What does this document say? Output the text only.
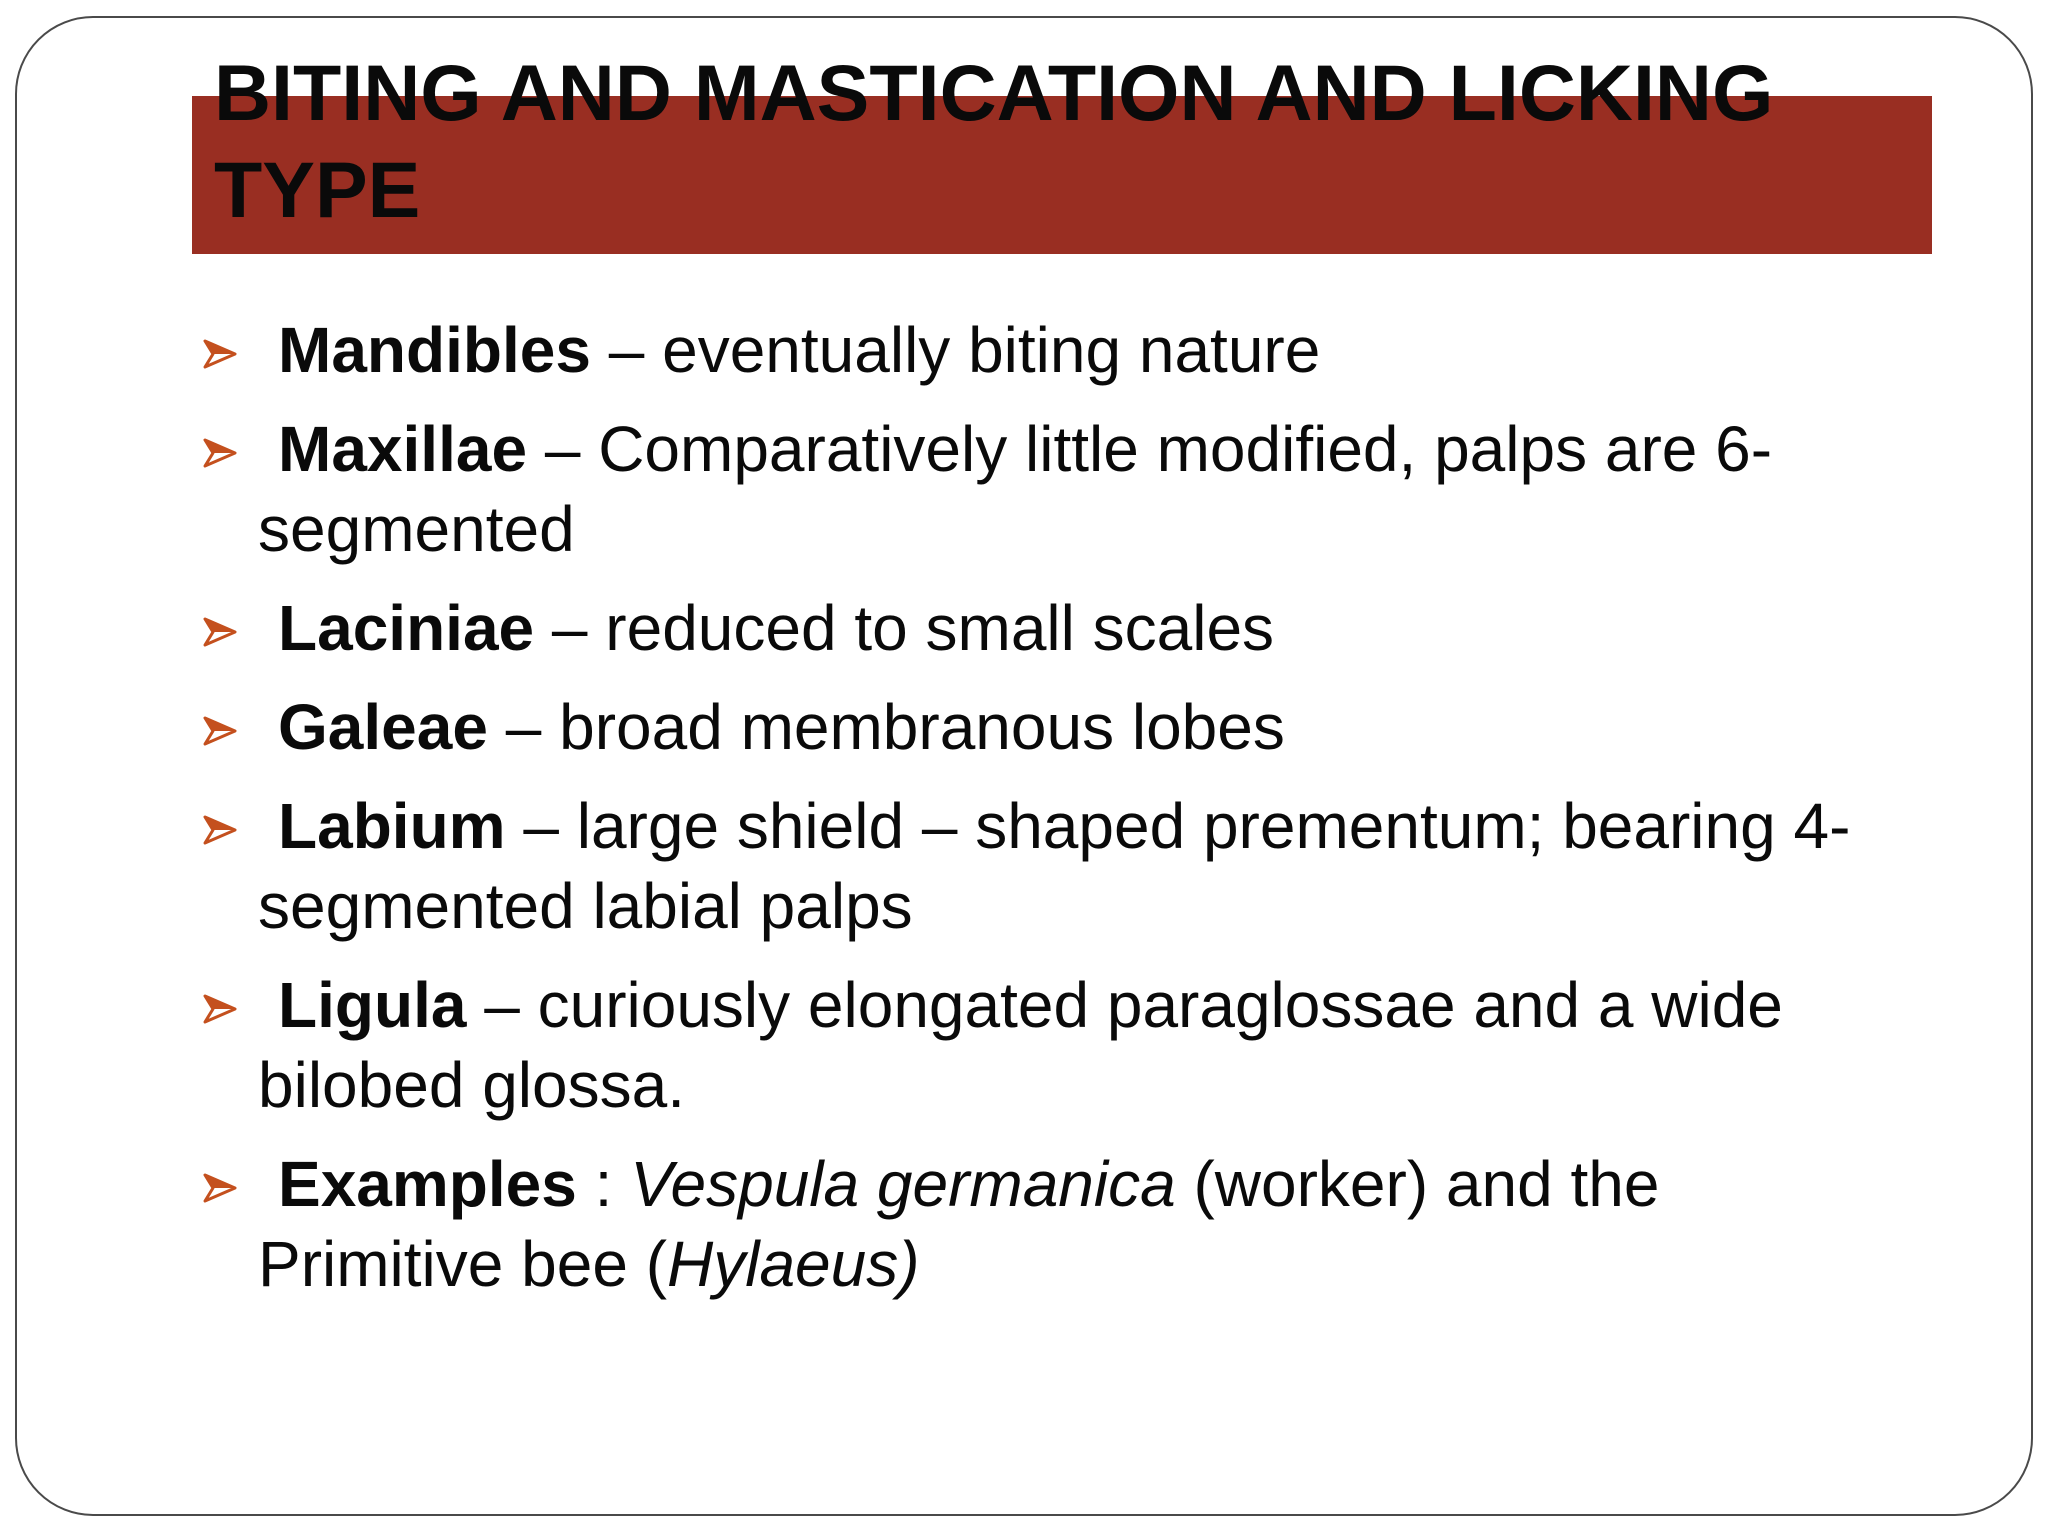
BITING AND MASTICATION AND LICKING TYPE
Mandibles – eventually biting nature
Maxillae – Comparatively little modified, palps are 6-segmented
Laciniae – reduced to small scales
Galeae – broad membranous lobes
Labium – large shield – shaped prementum; bearing 4-segmented labial palps
Ligula – curiously elongated paraglossae and a wide bilobed glossa.
Examples : Vespula germanica (worker) and the Primitive bee (Hylaeus)
